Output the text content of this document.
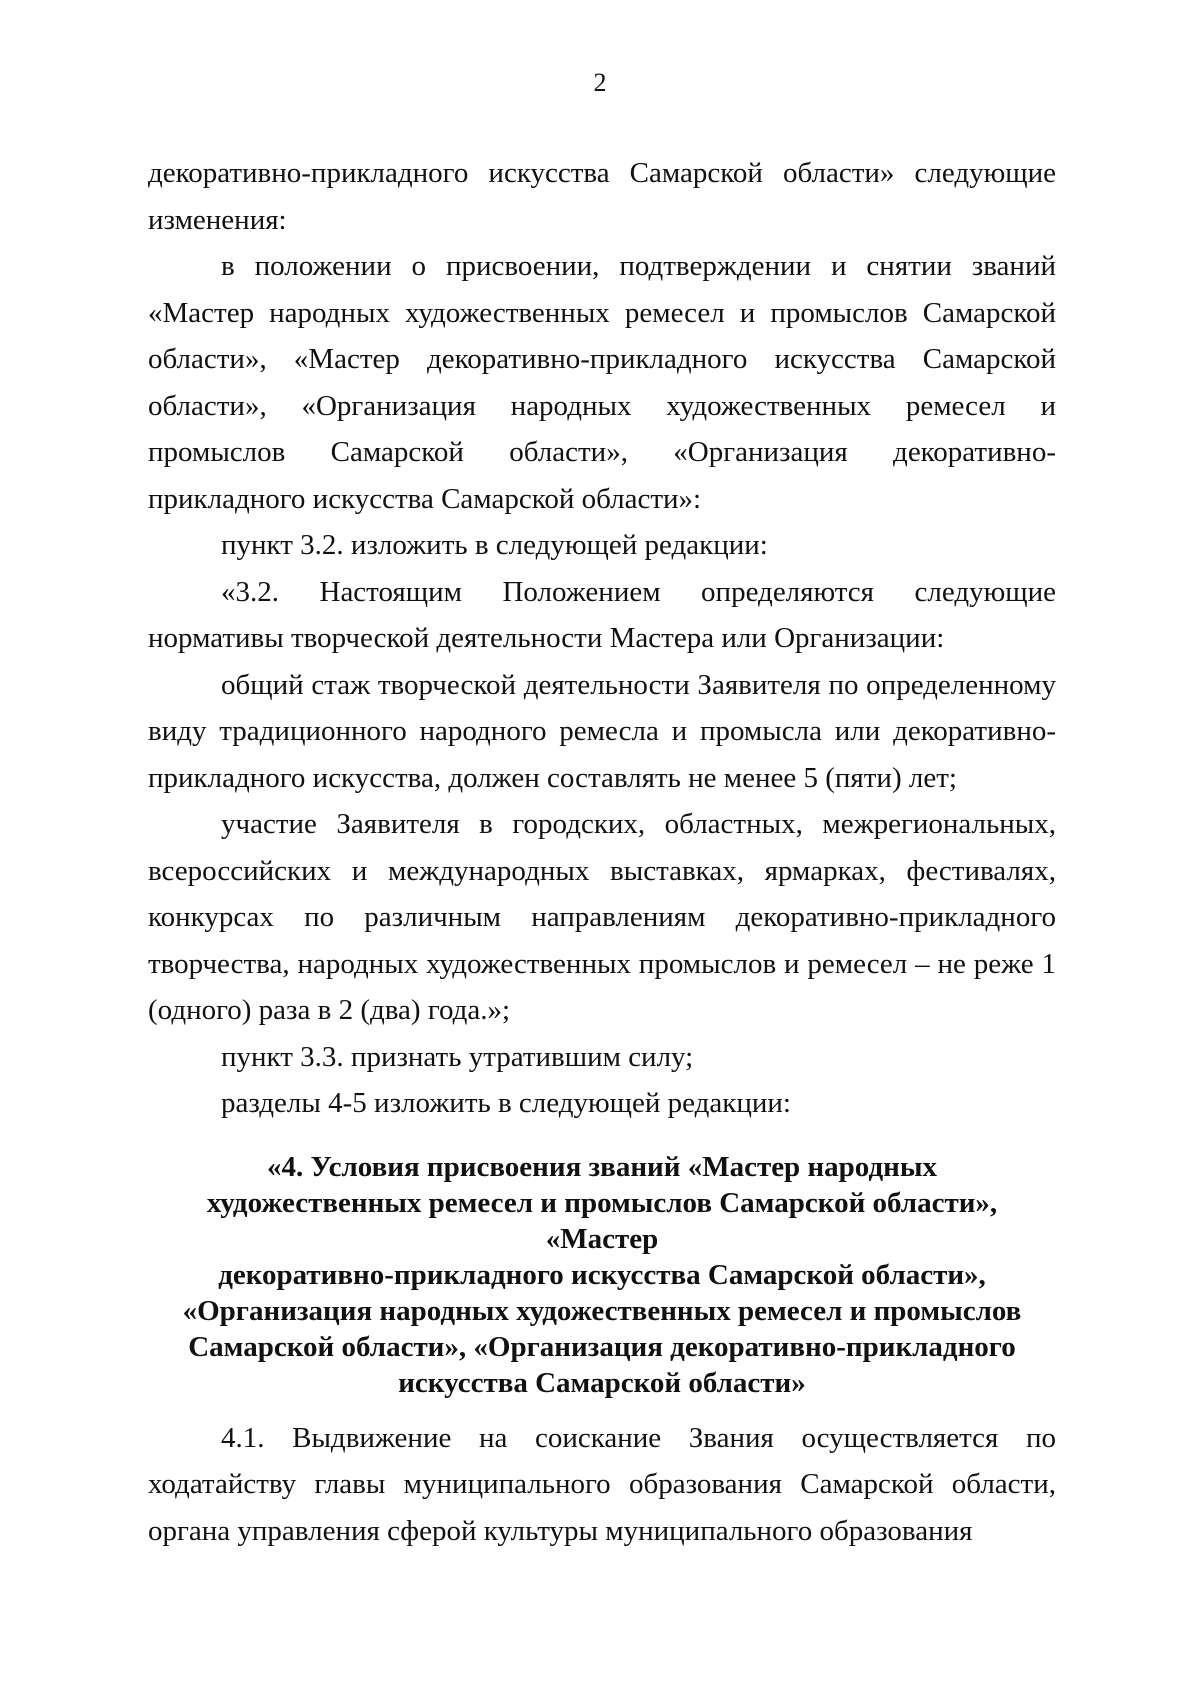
2

декоративно-прикладного искусства Самарской области» следующие изменения:

в положении о присвоении, подтверждении и снятии званий «Мастер народных художественных ремесел и промыслов Самарской области», «Мастер декоративно-прикладного искусства Самарской области», «Организация народных художественных ремесел и промыслов Самарской области», «Организация декоративно-прикладного искусства Самарской области»:

пункт 3.2. изложить в следующей редакции:

«3.2. Настоящим Положением определяются следующие нормативы творческой деятельности Мастера или Организации:

общий стаж творческой деятельности Заявителя по определенному виду традиционного народного ремесла и промысла или декоративно-прикладного искусства, должен составлять не менее 5 (пяти) лет;

участие Заявителя в городских, областных, межрегиональных, всероссийских и международных выставках, ярмарках, фестивалях, конкурсах по различным направлениям декоративно-прикладного творчества, народных художественных промыслов и ремесел – не реже 1 (одного) раза в 2 (два) года.»;

пункт 3.3. признать утратившим силу;

разделы 4-5 изложить в следующей редакции:

«4. Условия присвоения званий «Мастер народных
художественных ремесел и промыслов Самарской области», «Мастер
декоративно-прикладного искусства Самарской области»,
«Организация народных художественных ремесел и промыслов
Самарской области», «Организация декоративно-прикладного
искусства Самарской области»

4.1. Выдвижение на соискание Звания осуществляется по ходатайству главы муниципального образования Самарской области, органа управления сферой культуры муниципального образования
